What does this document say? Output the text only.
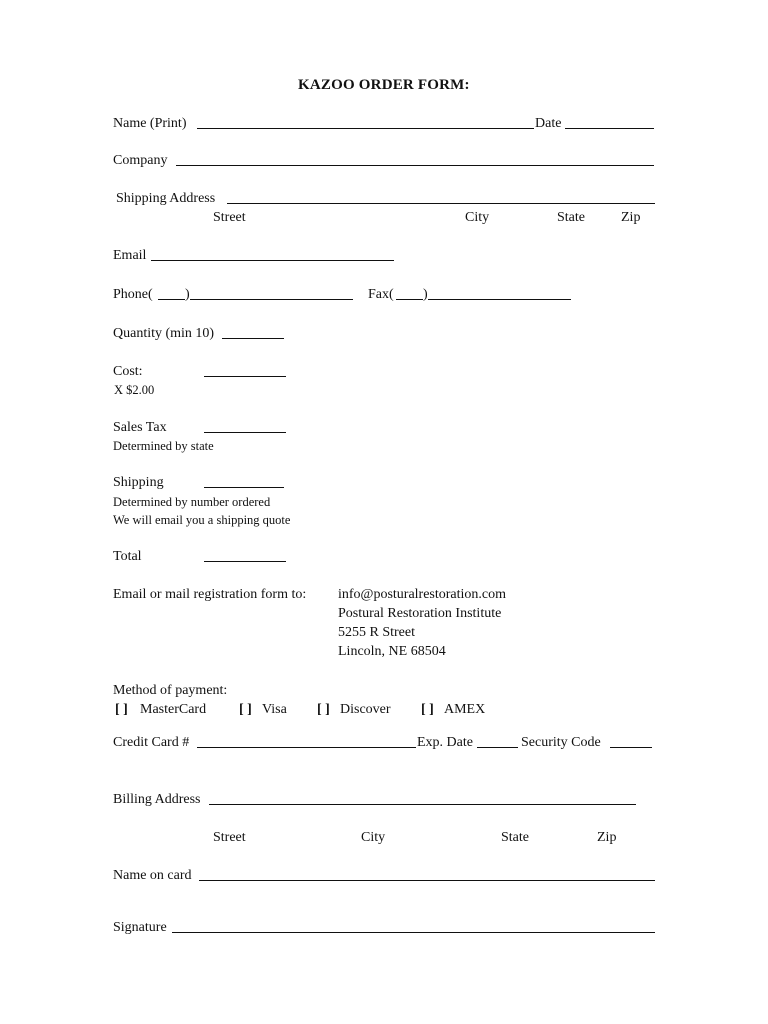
KAZOO ORDER FORM:
Name (Print)	Date
Company
Shipping Address
Street	City	State	Zip
Email
Phone( )	Fax( )
Quantity (min 10)
Cost:
X $2.00
Sales Tax
Determined by state
Shipping
Determined by number ordered
We will email you a shipping quote
Total
Email or mail registration form to: info@posturalrestoration.com
Postural Restoration Institute
5255 R Street
Lincoln, NE 68504
Method of payment:
[ ] MasterCard [ ] Visa [ ] Discover [ ] AMEX
Credit Card #	Exp. Date	Security Code
Billing Address
Street	City	State	Zip
Name on card
Signature
